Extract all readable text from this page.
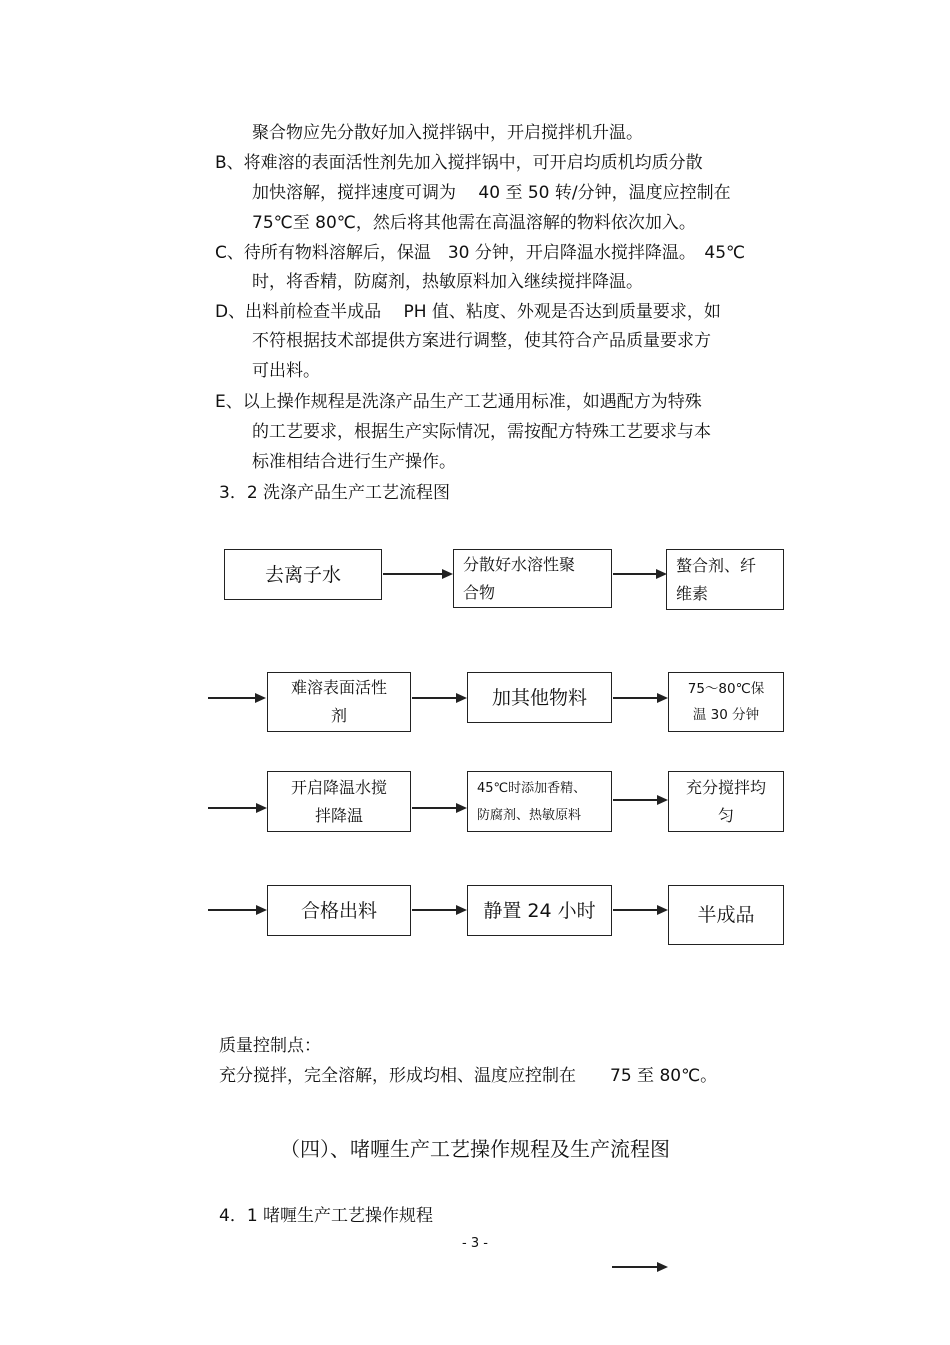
聚合物应先分散好加入搅拌锅中，开启搅拌机升温。
B、将难溶的表面活性剂先加入搅拌锅中，可开启均质机均质分散
加快溶解，搅拌速度可调为　 40 至 50 转/分钟，温度应控制在
75℃至 80℃，然后将其他需在高温溶解的物料依次加入。
C、待所有物料溶解后，保温　30 分钟，开启降温水搅拌降温。　45℃
时，将香精，防腐剂，热敏原料加入继续搅拌降温。
D、出料前检查半成品　 PH 值、粘度、外观是否达到质量要求，如
不符根据技术部提供方案进行调整，使其符合产品质量要求方
可出料。
E、以上操作规程是洗涤产品生产工艺通用标准，如遇配方为特殊
的工艺要求，根据生产实际情况，需按配方特殊工艺要求与本
标准相结合进行生产操作。
3．2 洗涤产品生产工艺流程图
去离子水	分散好水溶性聚
合物
螯合剂、纤
维素
难溶表面活性
剂
加其他物料	75～80℃保
温 30 分钟
开启降温水搅
拌降温
45℃时添加香精、
防腐剂、热敏原料
充分搅拌均
匀
合格出料	静置 24 小时	半成品
质量控制点：
充分搅拌，完全溶解，形成均相、温度应控制在　　75 至 80℃。
（四）、啫喱生产工艺操作规程及生产流程图
4．1 啫喱生产工艺操作规程
- 3 -
